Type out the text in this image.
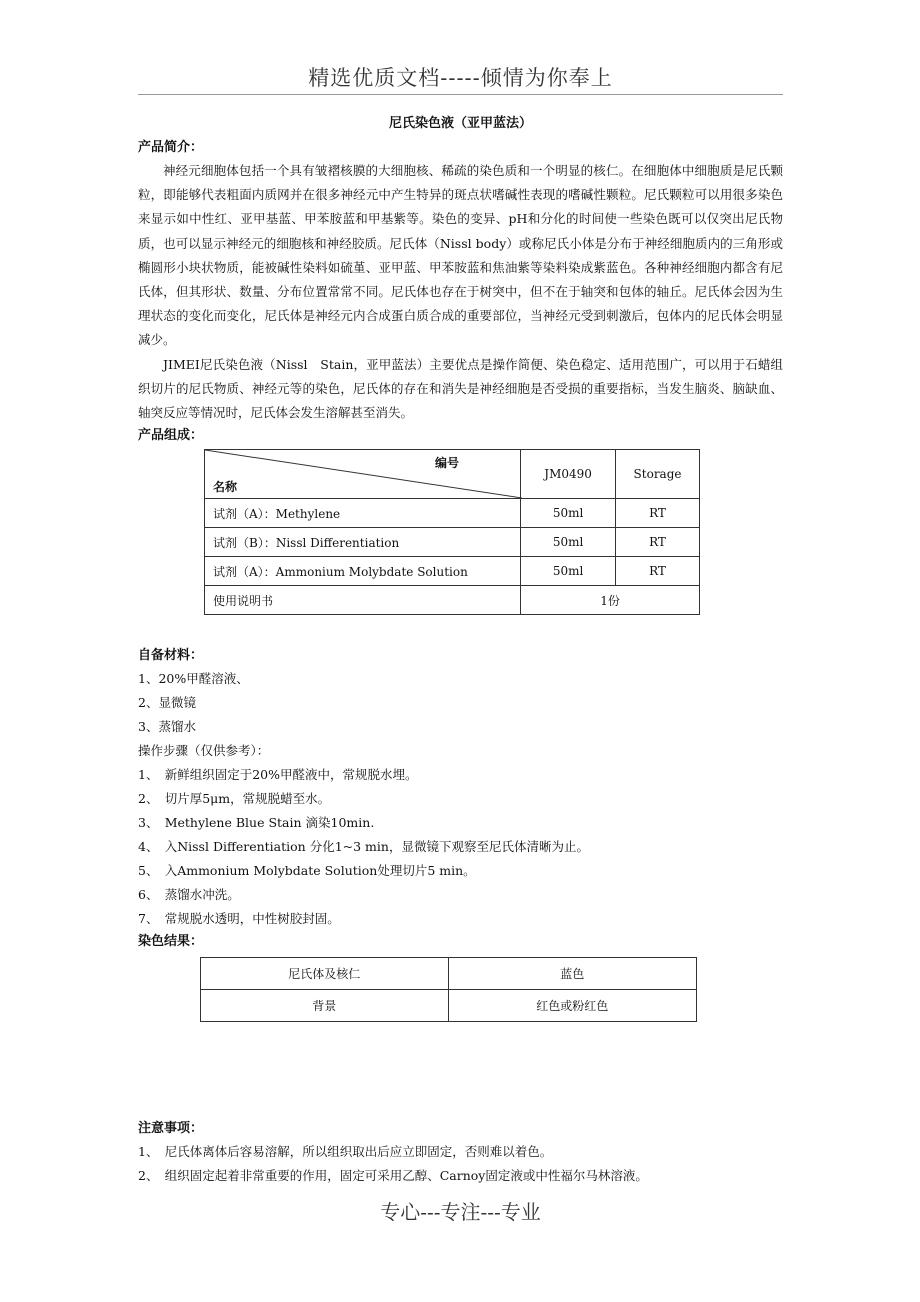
精选优质文档-----倾情为你奉上
尼氏染色液（亚甲蓝法）

产品简介：

神经元细胞体包括一个具有皱褶核膜的大细胞核、稀疏的染色质和一个明显的核仁。在细胞体中细胞质是尼氏颗粒，即能够代表粗面内质网并在很多神经元中产生特异的斑点状嗜碱性表现的嗜碱性颗粒。尼氏颗粒可以用很多染色来显示如中性红、亚甲基蓝、甲苯胺蓝和甲基紫等。染色的变异、pH和分化的时间使一些染色既可以仅突出尼氏物质，也可以显示神经元的细胞核和神经胶质。尼氏体（Nissl body）或称尼氏小体是分布于神经细胞质内的三角形或椭圆形小块状物质，能被碱性染料如硫堇、亚甲蓝、甲苯胺蓝和焦油紫等染料染成紫蓝色。各种神经细胞内都含有尼氏体，但其形状、数量、分布位置常常不同。尼氏体也存在于树突中，但不在于轴突和包体的轴丘。尼氏体会因为生理状态的变化而变化，尼氏体是神经元内合成蛋白质合成的重要部位，当神经元受到刺激后，包体内的尼氏体会明显减少。

JIMEI尼氏染色液（Nissl　Stain，亚甲蓝法）主要优点是操作简便、染色稳定、适用范围广，可以用于石蜡组织切片的尼氏物质、神经元等的染色，尼氏体的存在和消失是神经细胞是否受损的重要指标，当发生脑炎、脑缺血、轴突反应等情况时，尼氏体会发生溶解甚至消失。

产品组成：

编号
名称	JM0490	Storage
试剂（A）：Methylene	50ml	RT
试剂（B）：Nissl Differentiation	50ml	RT
试剂（A）：Ammonium Molybdate Solution	50ml	RT
使用说明书	1份	

自备材料：

1、20%甲醛溶液、

2、显微镜

3、蒸馏水

操作步骤（仅供参考）：

1、　新鲜组织固定于20%甲醛液中，常规脱水埋。

2、　切片厚5μm，常规脱蜡至水。

3、　Methylene Blue Stain 滴染10min.

4、　入Nissl Differentiation 分化1~3 min，显微镜下观察至尼氏体清晰为止。

5、　入Ammonium Molybdate Solution处理切片5 min。

6、　蒸馏水冲洗。

7、　常规脱水透明，中性树胶封固。

染色结果：

尼氏体及核仁	蓝色
背景	红色或粉红色

注意事项：

1、　尼氏体离体后容易溶解，所以组织取出后应立即固定，否则难以着色。

2、　组织固定起着非常重要的作用，固定可采用乙醇、Carnoy固定液或中性福尔马林溶液。

专心---专注---专业
